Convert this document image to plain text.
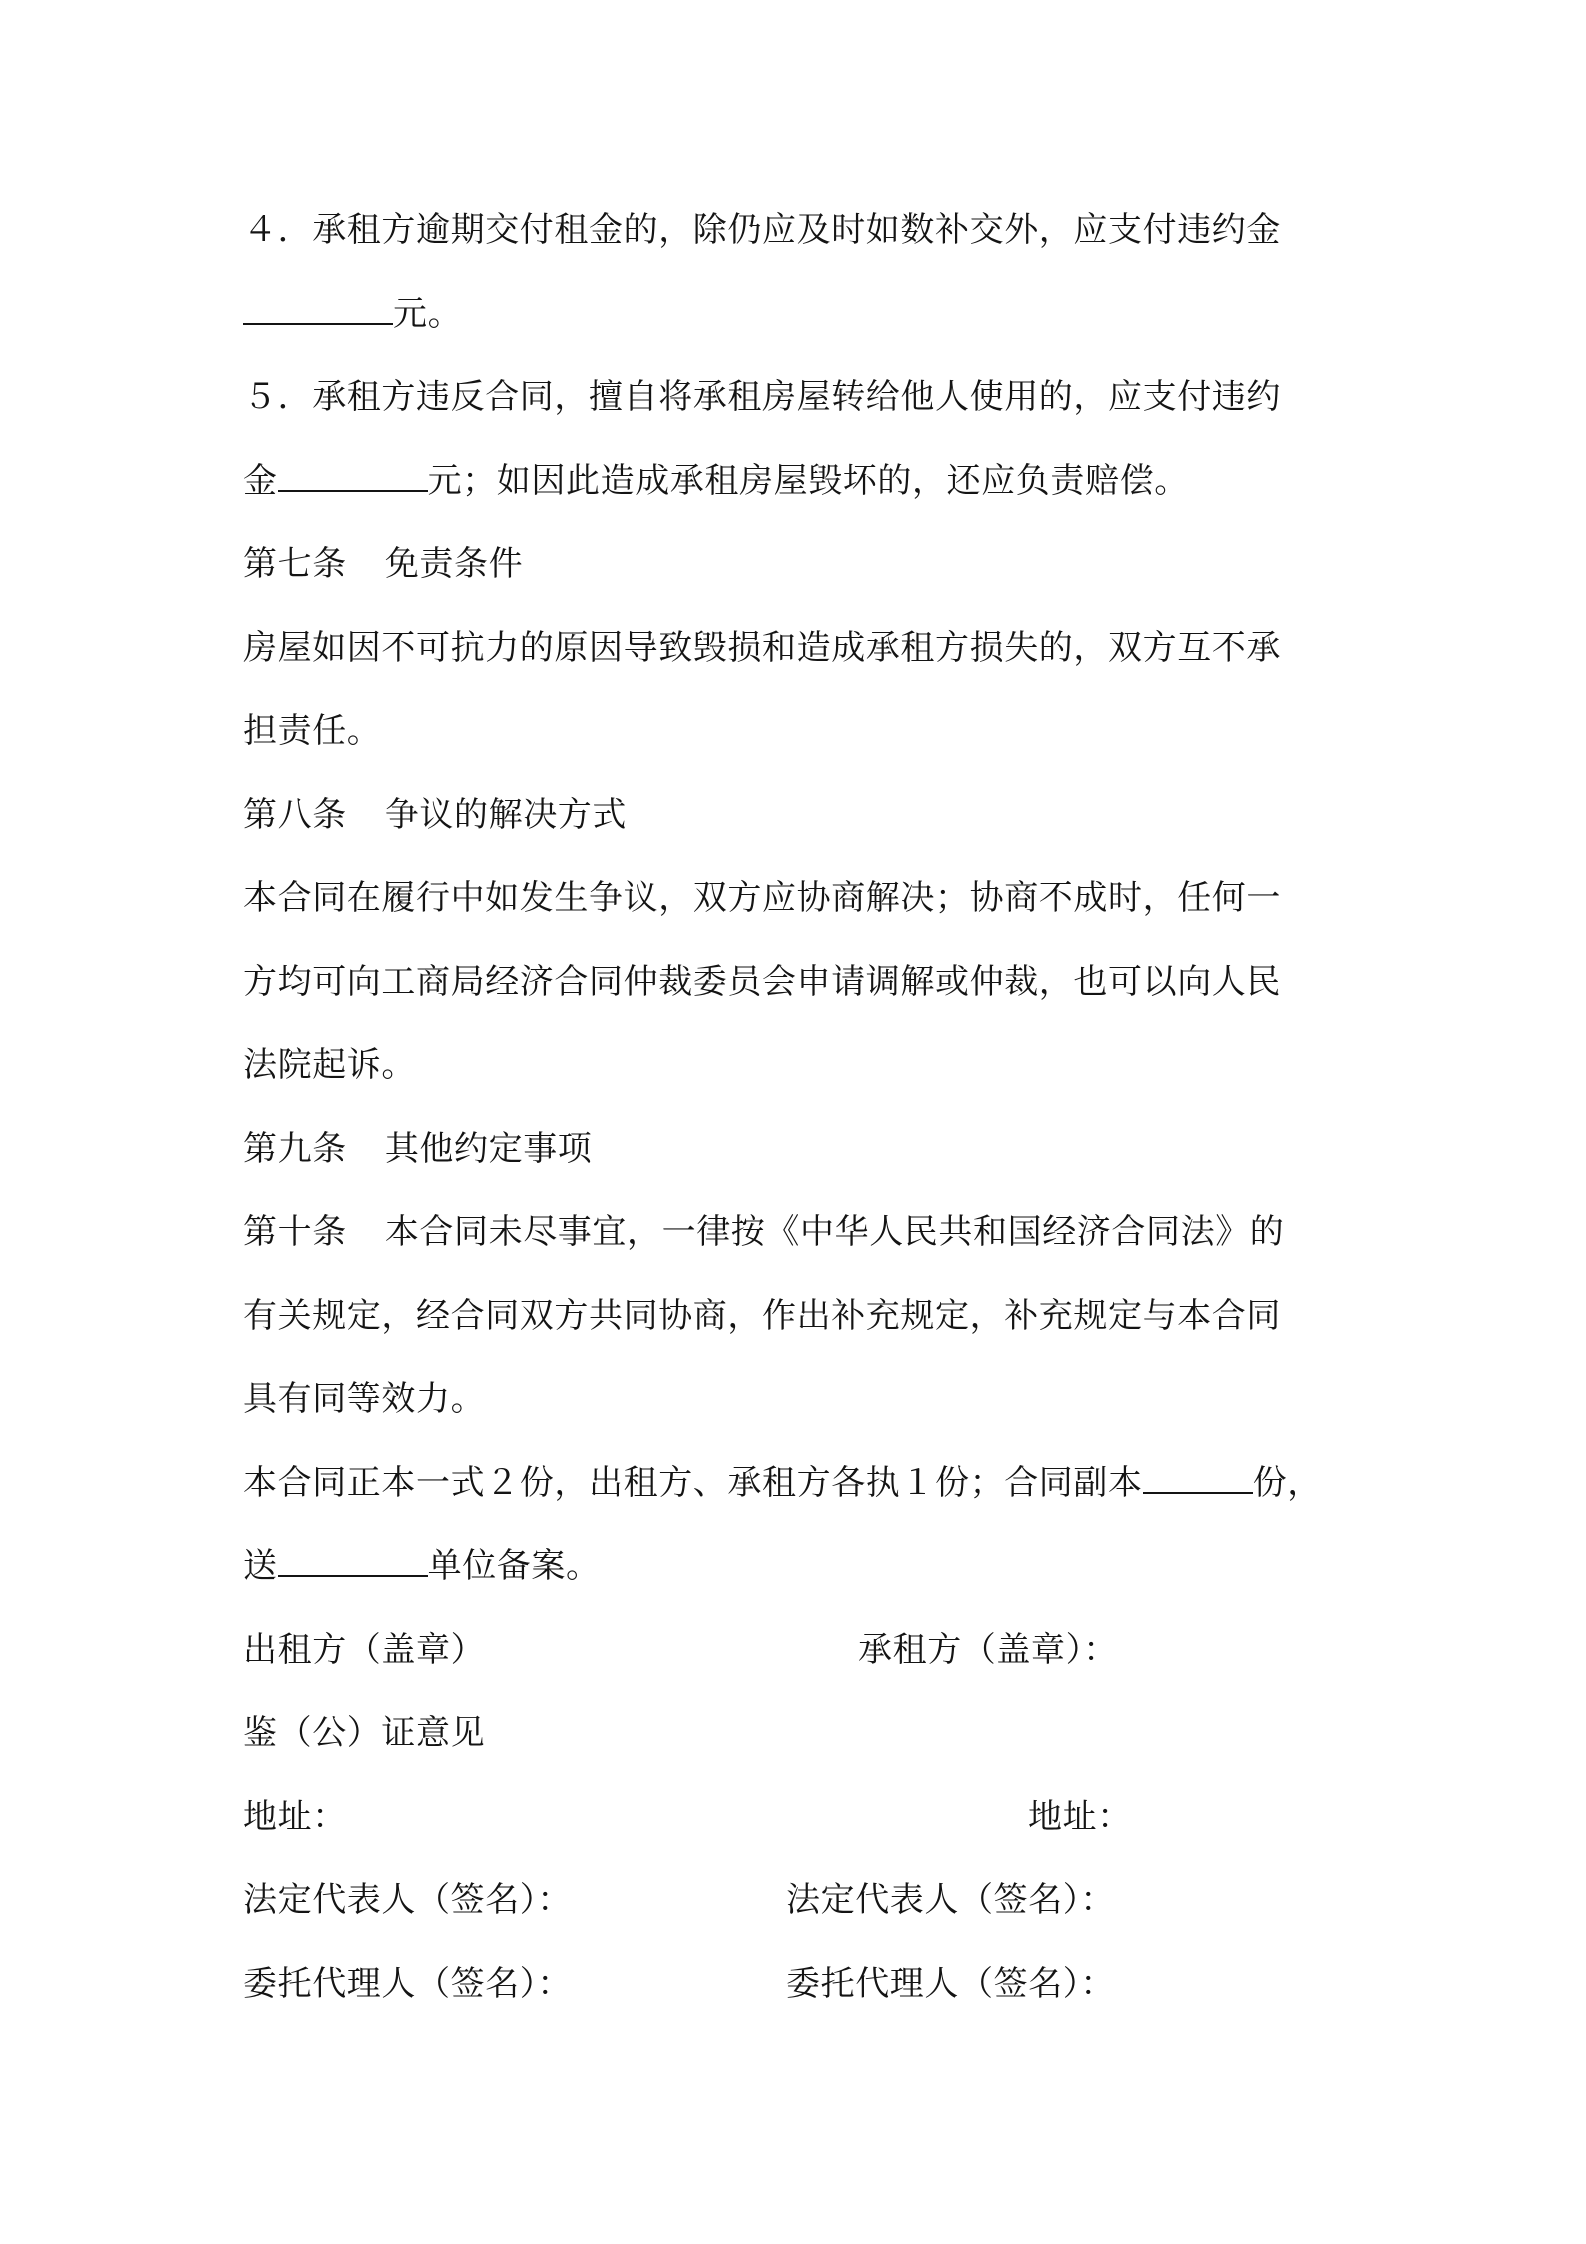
４．承租方逾期交付租金的，除仍应及时如数补交外，应支付违约金
元。
５．承租方违反合同，擅自将承租房屋转给他人使用的，应支付违约
金	元；如因此造成承租房屋毁坏的，还应负责赔偿。
第七条 免责条件
房屋如因不可抗力的原因导致毁损和造成承租方损失的，双方互不承
担责任。
第八条 争议的解决方式
本合同在履行中如发生争议，双方应协商解决；协商不成时，任何一
方均可向工商局经济合同仲裁委员会申请调解或仲裁，也可以向人民
法院起诉。
第九条 其他约定事项
第十条 本合同未尽事宜，一律按《中华人民共和国经济合同法》的
有关规定，经合同双方共同协商，作出补充规定，补充规定与本合同
具有同等效力。
本合同正本一式２份，出租方、承租方各执１份；合同副本	份，
送	单位备案。
出租方（盖章）	承租方（盖章）：
鉴（公）证意见
地址：	地址：
法定代表人（签名）：	法定代表人（签名）：
委托代理人（签名）：	委托代理人（签名）：
